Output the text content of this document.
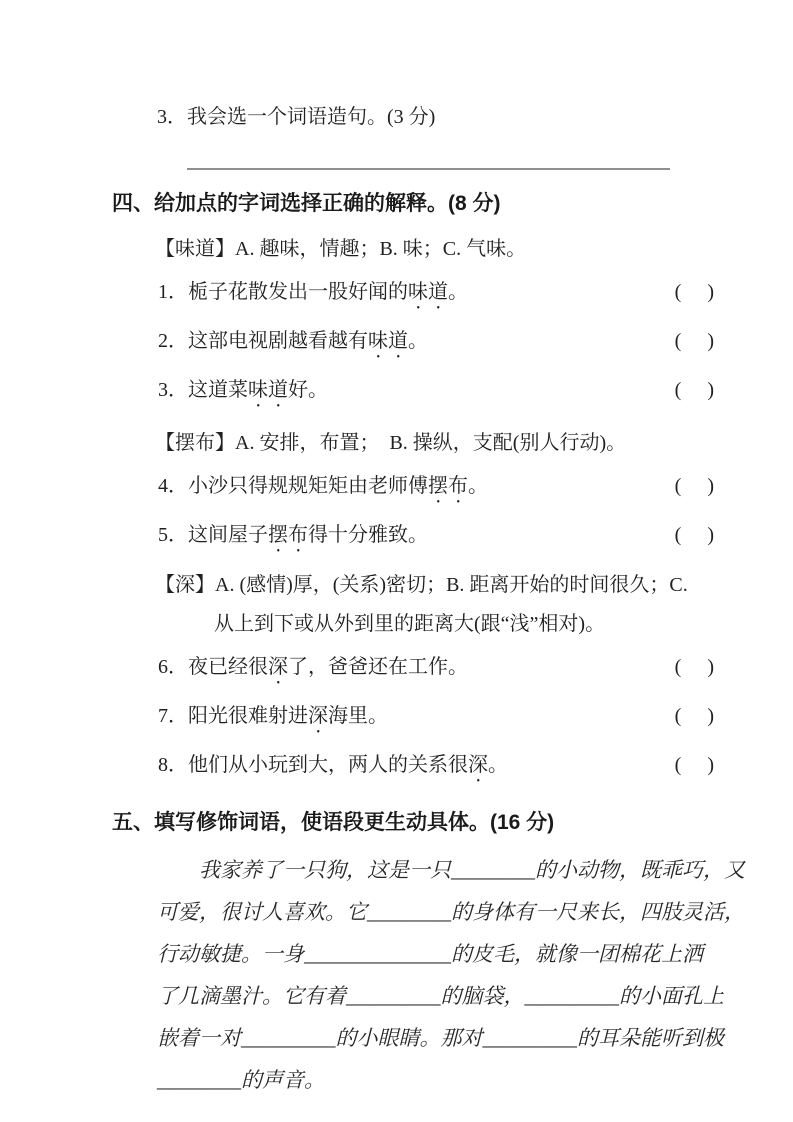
3．我会选一个词语造句。(3 分)
四、给加点的字词选择正确的解释。(8 分)
【味道】A. 趣味，情趣；B. 味；C. 气味。
1．栀子花散发出一股好闻的味道。	( )
2．这部电视剧越看越有味道。	( )
3．这道菜味道好。	( )
【摆布】A. 安排，布置；　B. 操纵，支配(别人行动)。
4．小沙只得规规矩矩由老师傅摆布。	( )
5．这间屋子摆布得十分雅致。	( )
【深】A. (感情)厚，(关系)密切；B. 距离开始的时间很久；C.
从上到下或从外到里的距离大(跟“浅”相对)。
6．夜已经很深了，爸爸还在工作。	( )
7．阳光很难射进深海里。	( )
8．他们从小玩到大，两人的关系很深。	( )
五、填写修饰词语，使语段更生动具体。(16 分)
我家养了一只狗，这是一只________的小动物，既乖巧，又
可爱，很讨人喜欢。它________的身体有一尺来长，四肢灵活，
行动敏捷。一身______________的皮毛，就像一团棉花上洒
了几滴墨汁。它有着_________的脑袋，_________的小面孔上
嵌着一对_________的小眼睛。那对_________的耳朵能听到极
________的声音。
